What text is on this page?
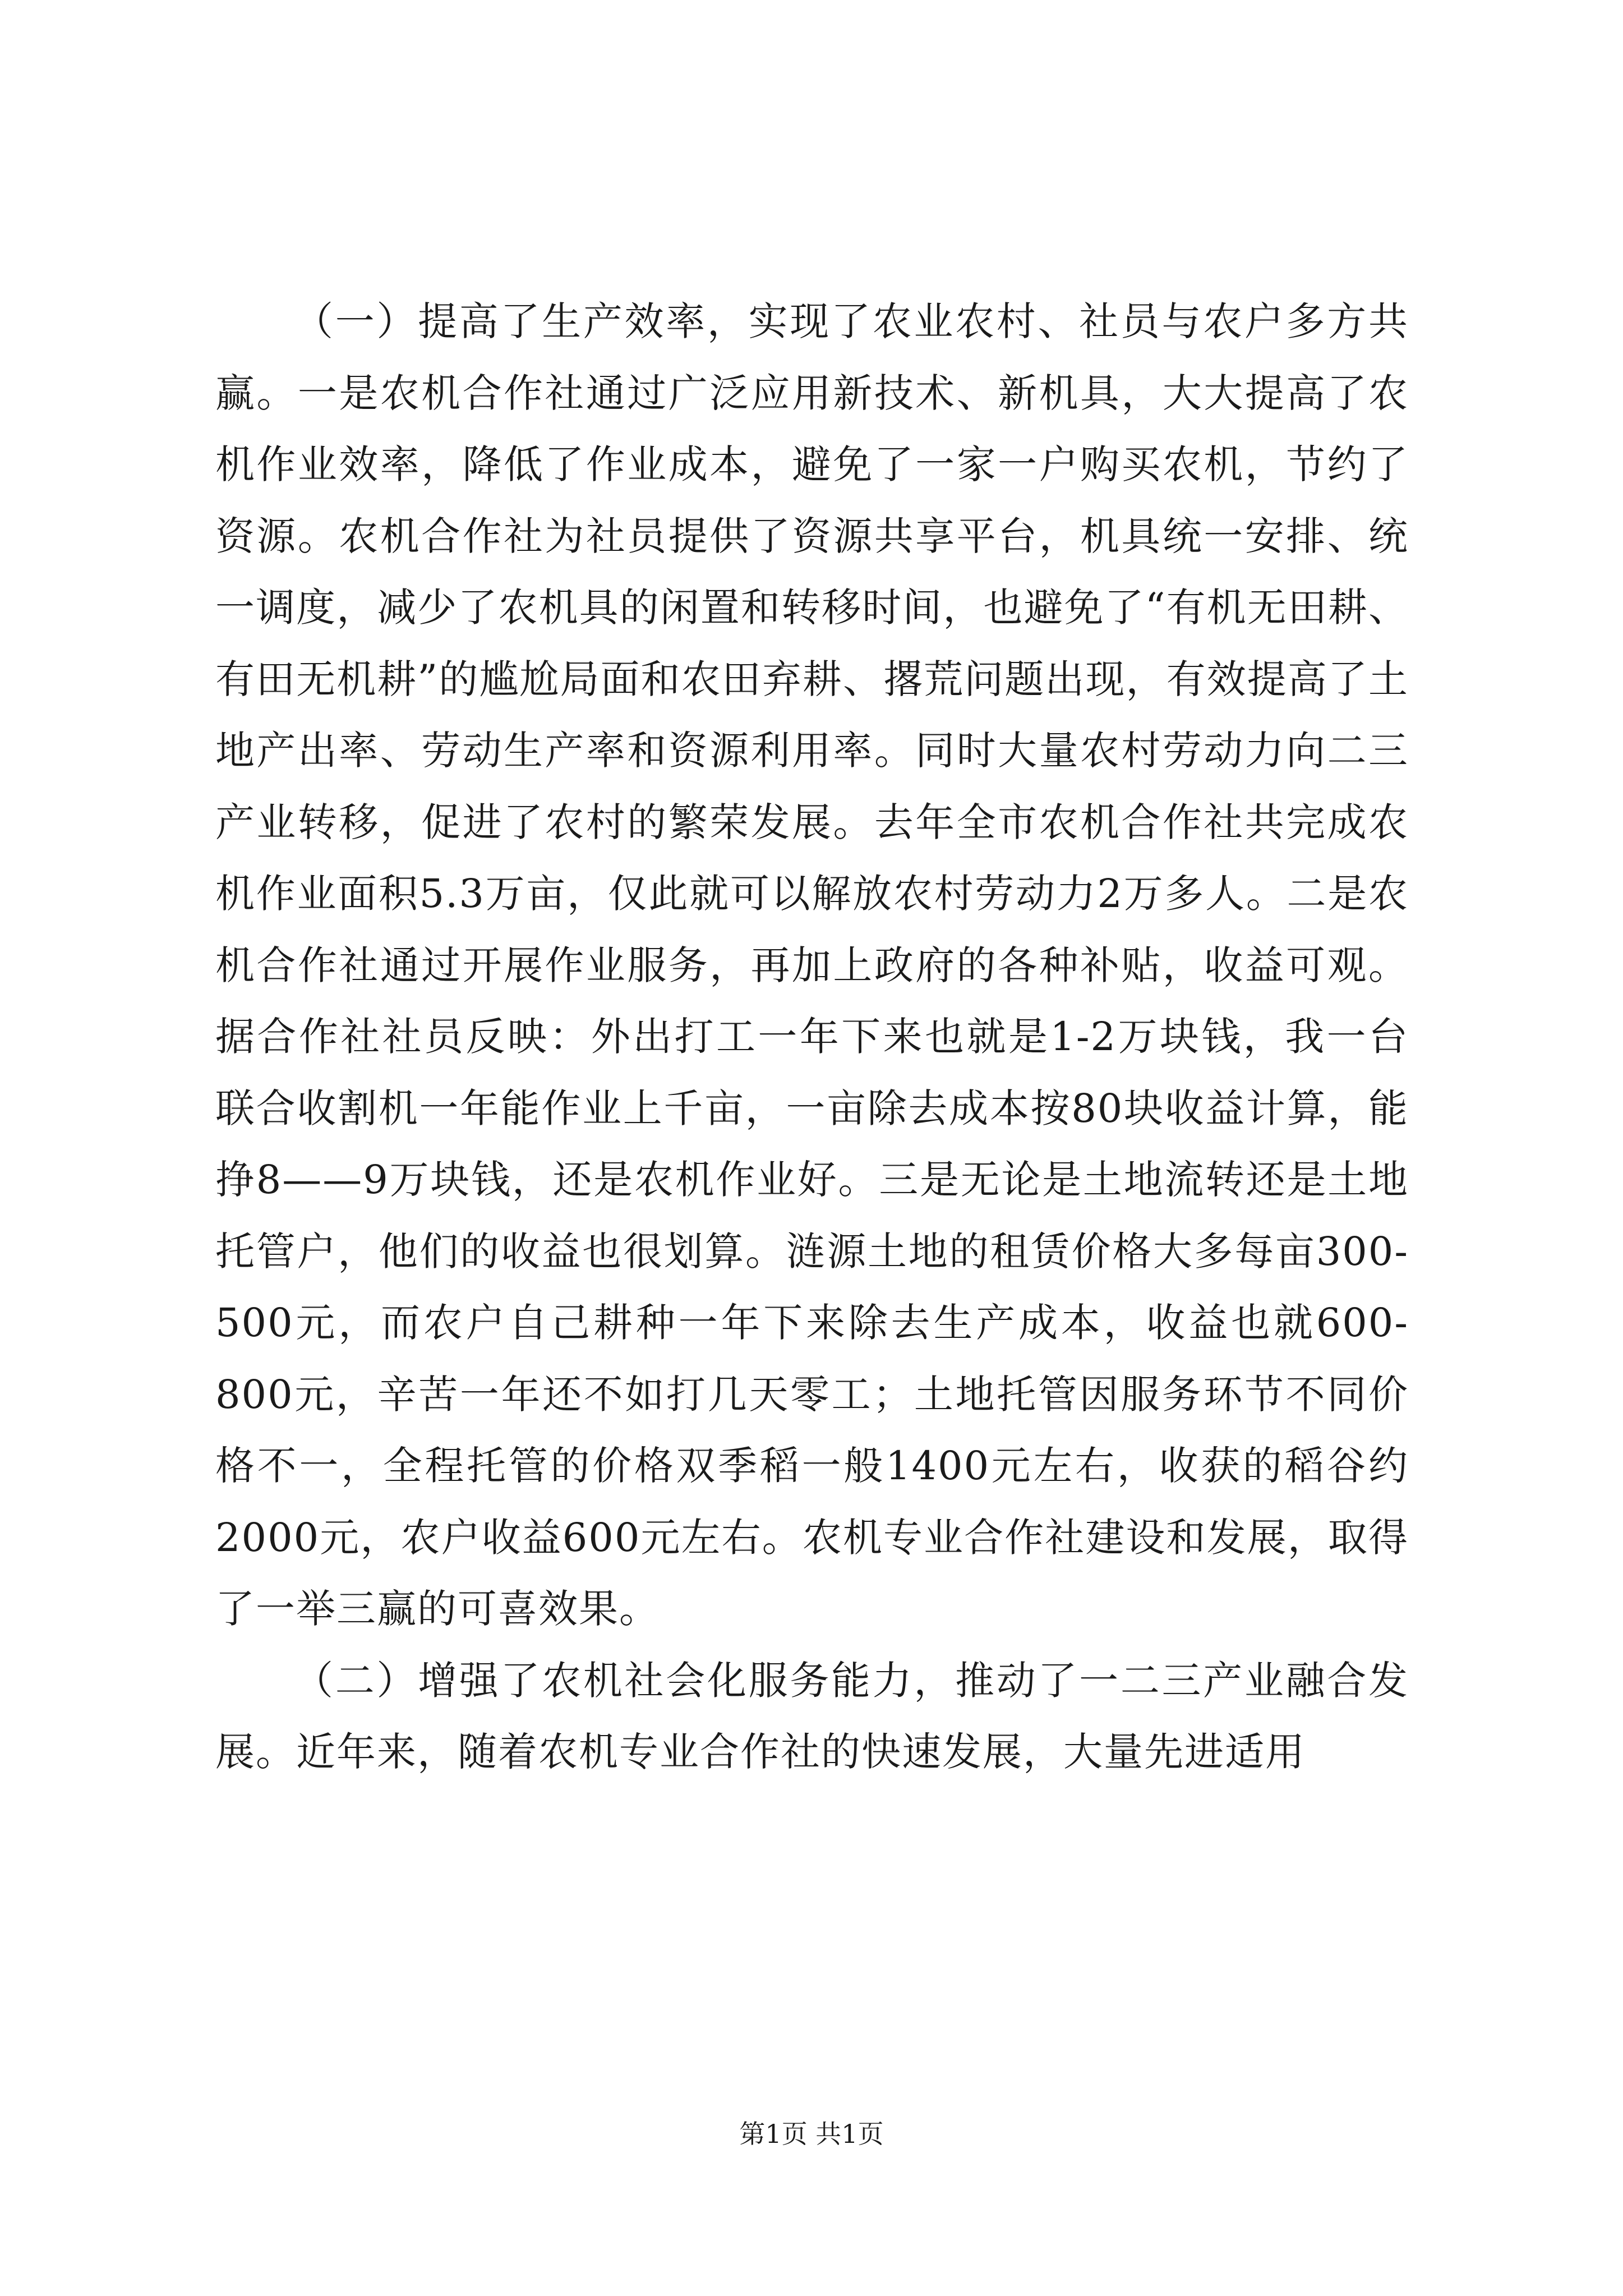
（一）提高了生产效率，实现了农业农村、社员与农户多方共赢。一是农机合作社通过广泛应用新技术、新机具，大大提高了农机作业效率，降低了作业成本，避免了一家一户购买农机，节约了资源。农机合作社为社员提供了资源共享平台，机具统一安排、统一调度，减少了农机具的闲置和转移时间，也避免了“有机无田耕、有田无机耕”的尴尬局面和农田弃耕、撂荒问题出现，有效提高了土地产出率、劳动生产率和资源利用率。同时大量农村劳动力向二三产业转移，促进了农村的繁荣发展。去年全市农机合作社共完成农机作业面积5.3万亩，仅此就可以解放农村劳动力2万多人。二是农机合作社通过开展作业服务，再加上政府的各种补贴，收益可观。据合作社社员反映：外出打工一年下来也就是1-2万块钱，我一台联合收割机一年能作业上千亩，一亩除去成本按80块收益计算，能挣8——9万块钱，还是农机作业好。三是无论是土地流转还是土地托管户，他们的收益也很划算。涟源土地的租赁价格大多每亩300-500元，而农户自己耕种一年下来除去生产成本，收益也就600-800元，辛苦一年还不如打几天零工；土地托管因服务环节不同价格不一，全程托管的价格双季稻一般1400元左右，收获的稻谷约2000元，农户收益600元左右。农机专业合作社建设和发展，取得了一举三赢的可喜效果。

（二）增强了农机社会化服务能力，推动了一二三产业融合发展。近年来，随着农机专业合作社的快速发展，大量先进适用

第1页 共1页
